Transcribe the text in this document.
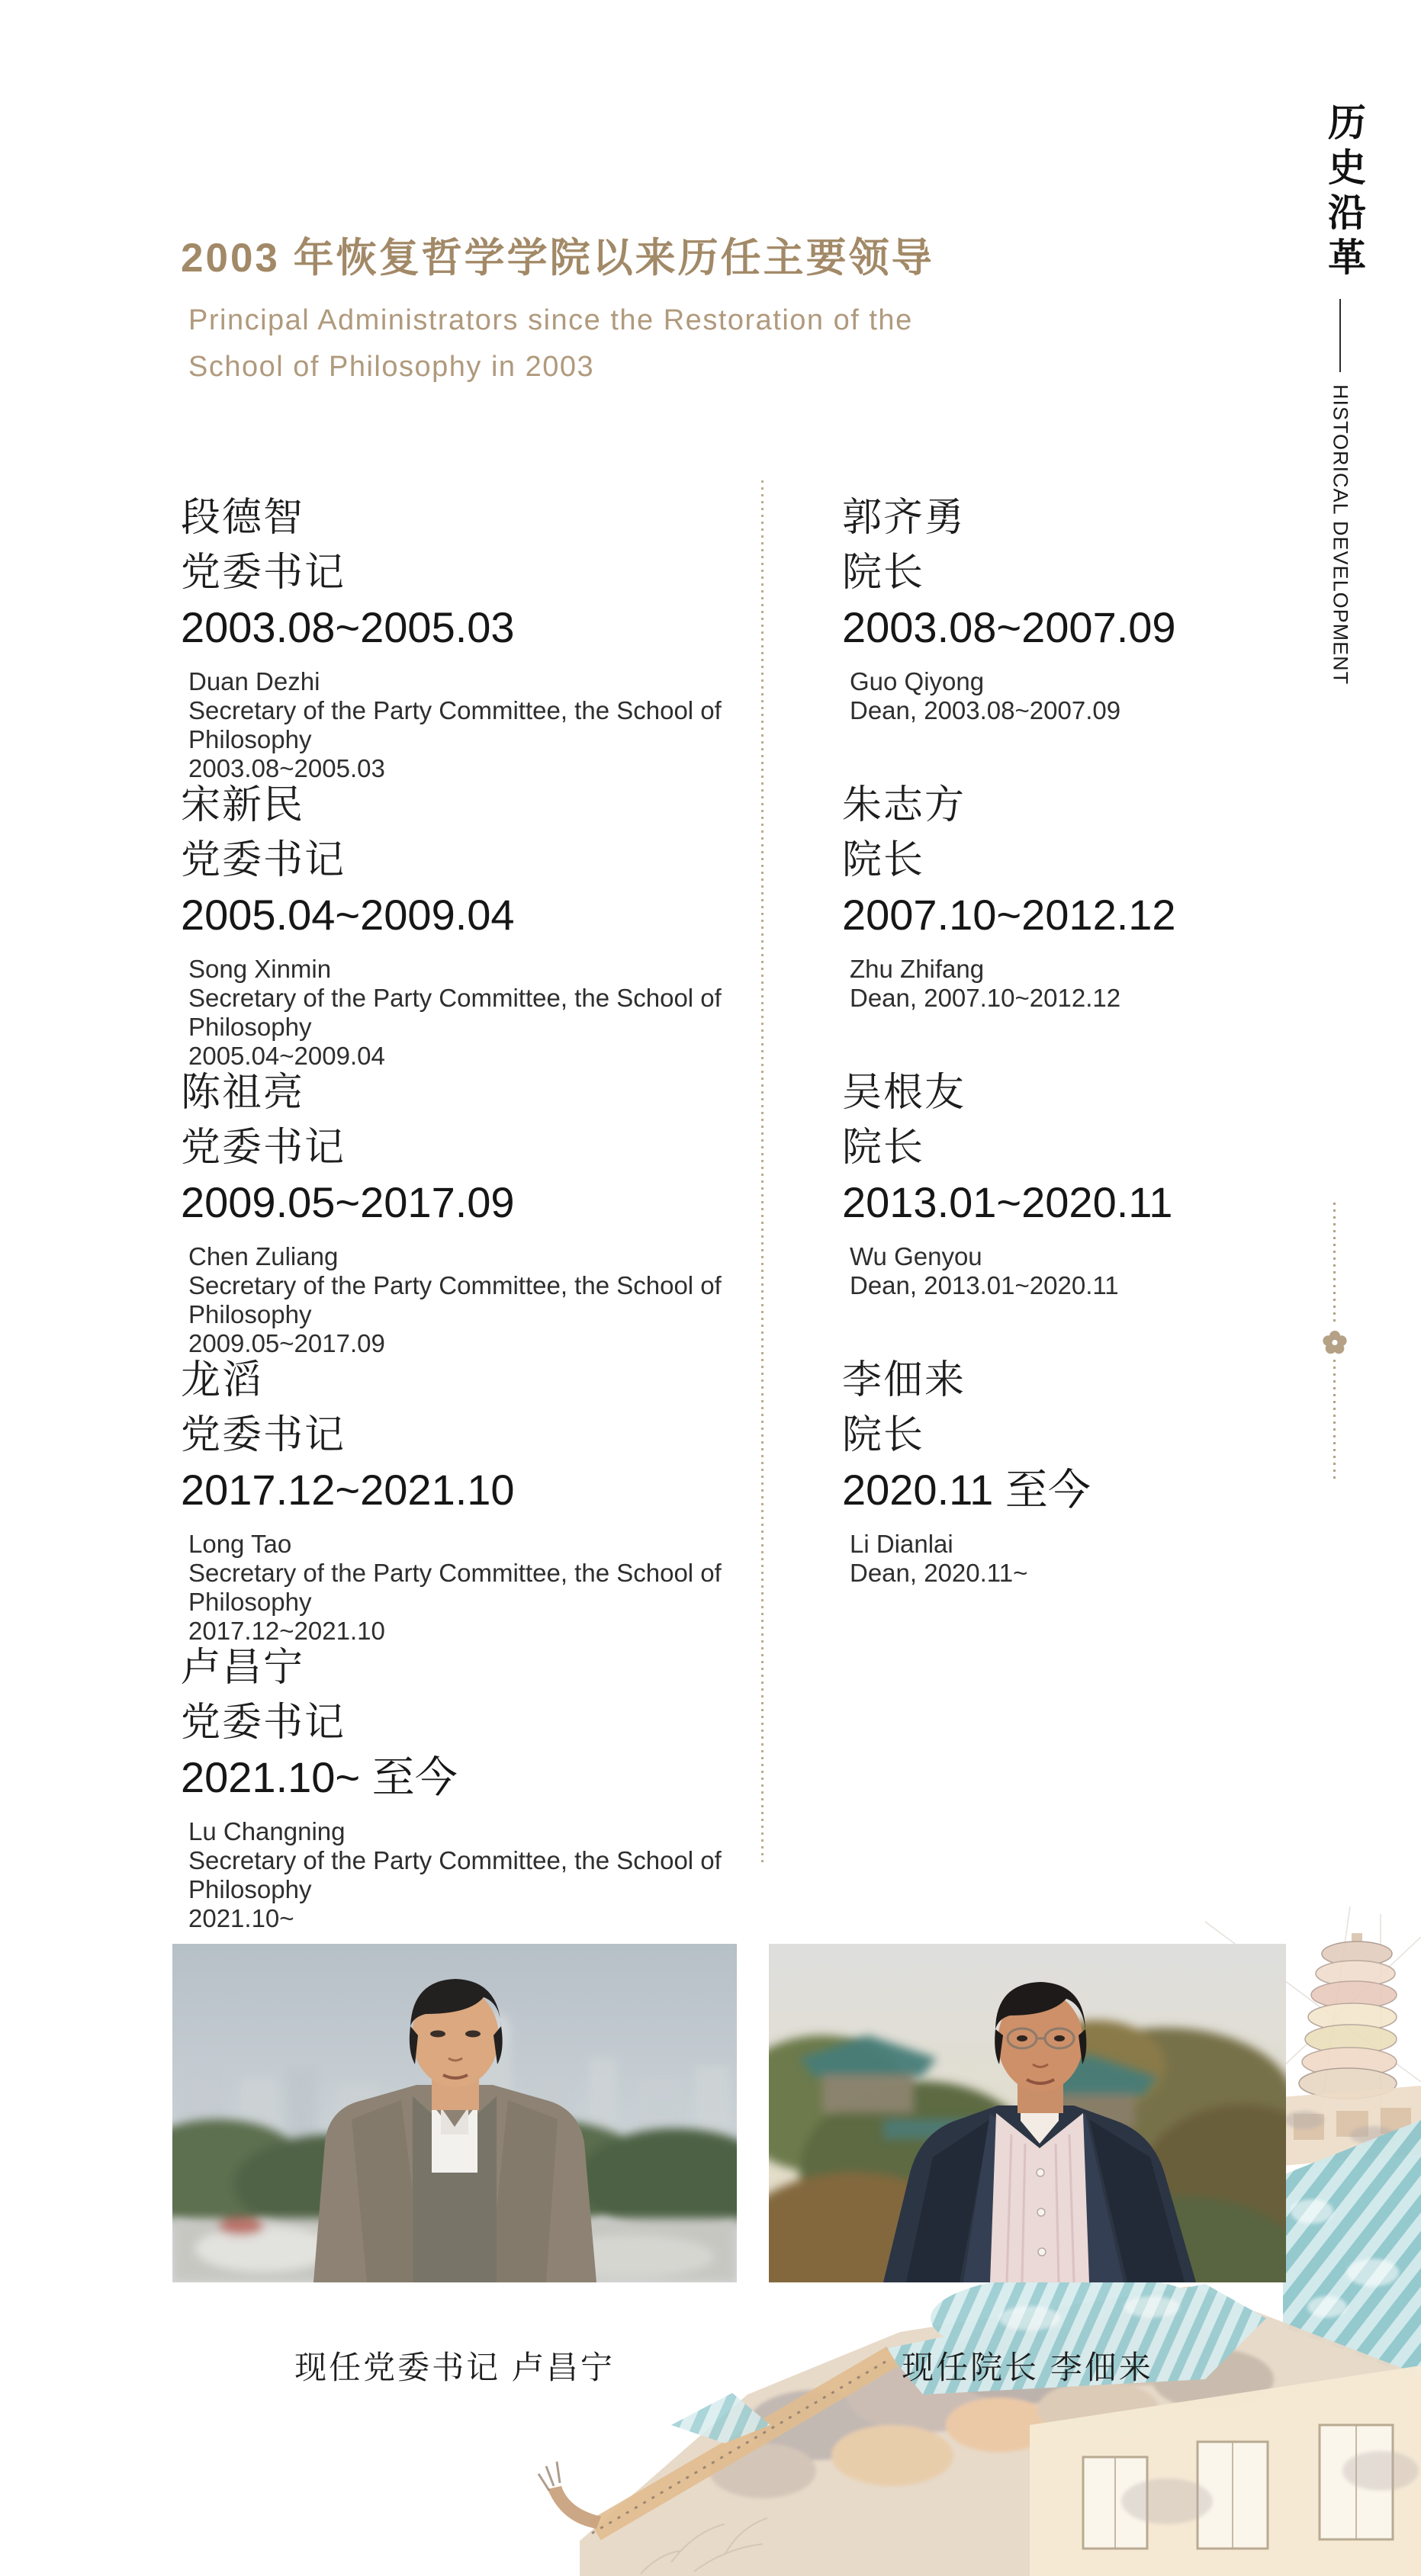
历史沿革
HISTORICAL DEVELOPMENT
2003 年恢复哲学学院以来历任主要领导
Principal Administrators since the Restoration of the
School of Philosophy in 2003
段德智
党委书记
2003.08~2005.03
Duan Dezhi
Secretary of the Party Committee, the School of
Philosophy
2003.08~2005.03
宋新民
党委书记
2005.04~2009.04
Song Xinmin
Secretary of the Party Committee, the School of
Philosophy
2005.04~2009.04
陈祖亮
党委书记
2009.05~2017.09
Chen Zuliang
Secretary of the Party Committee, the School of
Philosophy
2009.05~2017.09
龙滔
党委书记
2017.12~2021.10
Long Tao
Secretary of the Party Committee, the School of
Philosophy
2017.12~2021.10
卢昌宁
党委书记
2021.10~ 至今
Lu Changning
Secretary of the Party Committee, the School of
Philosophy
2021.10~
郭齐勇
院长
2003.08~2007.09
Guo Qiyong
Dean, 2003.08~2007.09
朱志方
院长
2007.10~2012.12
Zhu Zhifang
Dean, 2007.10~2012.12
吴根友
院长
2013.01~2020.11
Wu Genyou
Dean, 2013.01~2020.11
李佃来
院长
2020.11 至今
Li Dianlai
Dean, 2020.11~
现任党委书记 卢昌宁	现任院长 李佃来
